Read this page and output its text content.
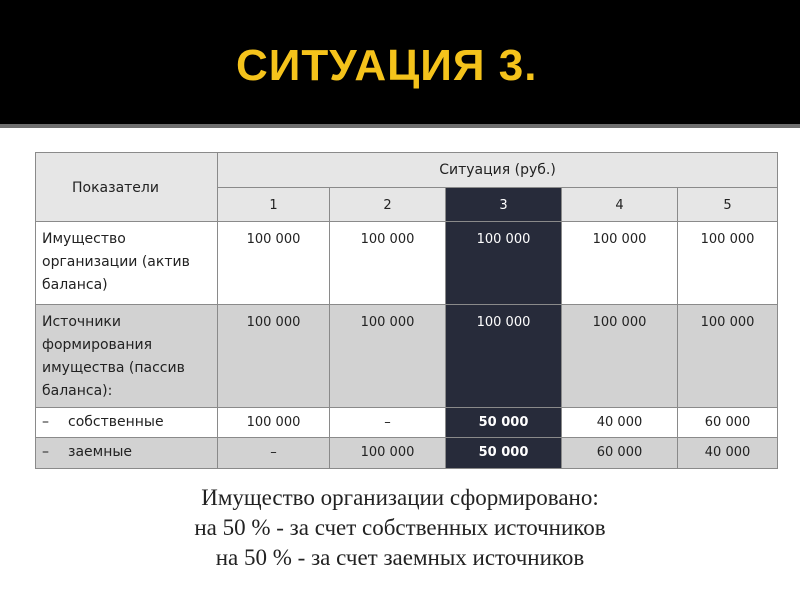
СИТУАЦИЯ 3.
Показатели	Ситуация (руб.)				
	1	2	3	4	5
Имущество организации (актив баланса)	100 000	100 000	100 000	100 000	100 000
Источники формирования имущества (пассив баланса):	100 000	100 000	100 000	100 000	100 000
– собственные	100 000	–	50 000	40 000	60 000
– заемные	–	100 000	50 000	60 000	40 000
Имущество организации сформировано:
на 50 % - за счет собственных источников
на 50 % - за счет заемных источников
